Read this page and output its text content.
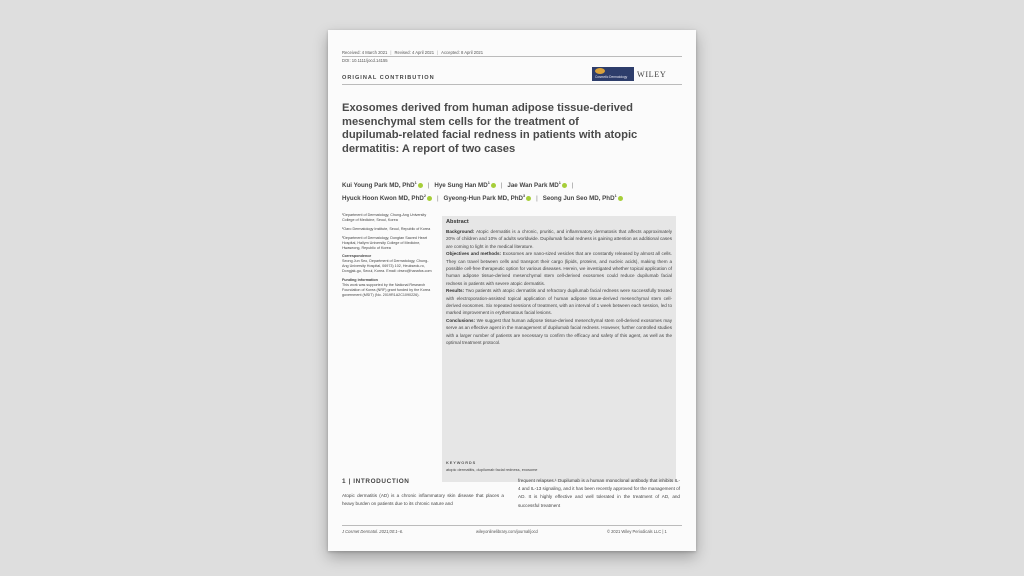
Received: 4 March 2021 | Revised: 4 April 2021 | Accepted: 8 April 2021
DOI: 10.1111/jocd.14155
ORIGINAL CONTRIBUTION	Cosmetic Dermatology WILEY
Exosomes derived from human adipose tissue-derived mesenchymal stem cells for the treatment of dupilumab-related facial redness in patients with atopic dermatitis: A report of two cases
Kui Young Park MD, PhD$^1$ | Hye Sung Han $MD^1$ | Jae Wan Park $MD^1$ |
Hyuck Hoon Kwon MD, PhD$^2$ | Gyeong-Hun Park MD, PhD$^3$ | Seong Jun Seo MD, PhD$^1$

¹Department of Dermatology, Chung-Ang University College of Medicine, Seoul, Korea

²Oaro Dermatology Institute, Seoul, Republic of Korea

³Department of Dermatology, Dongtan Sacred Heart Hospital, Hallym University College of Medicine, Hwaseong, Republic of Korea

Correspondence

Seong Jun Seo, Department of Dermatology, Chung-Ang University Hospital, 06973) 102, Heukseok-ro, Dongjak-gu, Seoul, Korea. Email: drseo@hanafos.com

Funding information

This work was supported by the National Research Foundation of Korea (NRF) grant funded by the Korea government (MSIT) (No. 2019R1A2C1090226).

Abstract

Background: Atopic dermatitis is a chronic, pruritic, and inflammatory dermatosis that affects approximately 20% of children and 10% of adults worldwide. Dupilumab facial redness is gaining attention as additional cases are coming to light in the medical literature.

Objectives and methods: Exosomes are nano-sized vesicles that are constantly released by almost all cells. They can travel between cells and transport their cargo (lipids, proteins, and nucleic acids), making them a possible cell-free therapeutic option for various diseases. Herein, we investigated whether topical application of human adipose tissue-derived mesenchymal stem cell-derived exosomes could reduce dupilumab facial redness in patients with severe atopic dermatitis.

Results: Two patients with atopic dermatitis and refractory dupilumab facial redness were successfully treated with electroporation-assisted topical application of human adipose tissue-derived mesenchymal stem cell-derived exosomes. Six repeated sessions of treatment, with an interval of 1 week between each session, led to marked improvement in erythematous facial lesions.

Conclusions: We suggest that human adipose tissue-derived mesenchymal stem cell-derived exosomes may serve as an effective agent in the management of dupilumab facial redness. However, further controlled studies with a larger number of patients are necessary to confirm the efficacy and safety of this agent, as well as the optimal treatment protocol.

KEYWORDS
atopic dermatitis, dupilumab facial redness, exosome
1 | INTRODUCTION
Atopic dermatitis (AD) is a chronic inflammatory skin disease that places a heavy burden on patients due to its chronic nature and
frequent relapses.¹ Dupilumab is a human monoclonal antibody that inhibits IL-4 and IL-13 signaling, and it has been recently approved for the management of AD. It is highly effective and well tolerated in the treatment of AD, and successful treatment
J Cosmet Dermatol. 2021;00:1–6.	wileyonlinelibrary.com/journal/jocd	© 2021 Wiley Periodicals LLC | 1
